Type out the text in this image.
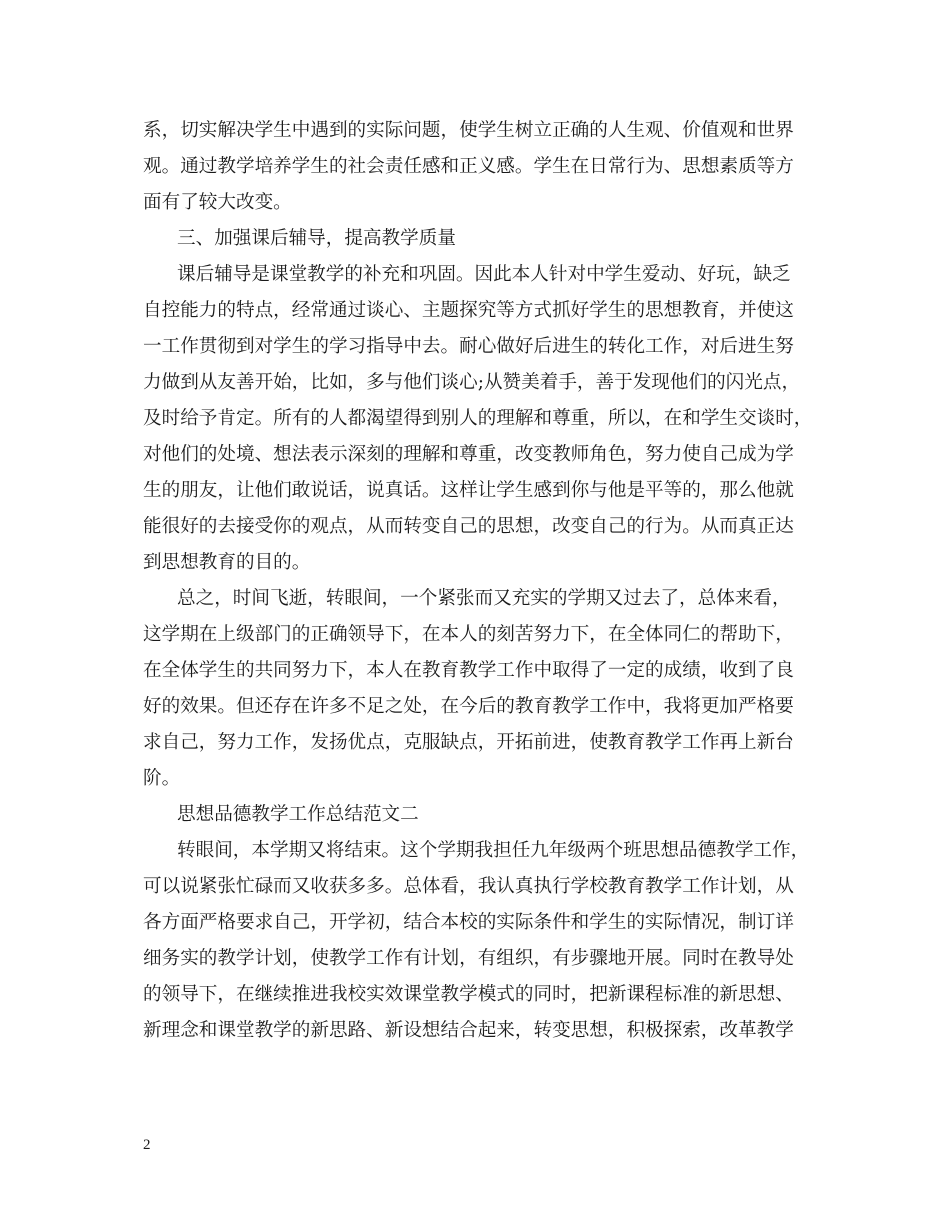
系，切实解决学生中遇到的实际问题，使学生树立正确的人生观、价值观和世界
观。通过教学培养学生的社会责任感和正义感。学生在日常行为、思想素质等方
面有了较大改变。
三、加强课后辅导，提高教学质量
课后辅导是课堂教学的补充和巩固。因此本人针对中学生爱动、好玩，缺乏
自控能力的特点，经常通过谈心、主题探究等方式抓好学生的思想教育，并使这
一工作贯彻到对学生的学习指导中去。耐心做好后进生的转化工作，对后进生努
力做到从友善开始，比如，多与他们谈心;从赞美着手，善于发现他们的闪光点，
及时给予肯定。所有的人都渴望得到别人的理解和尊重，所以，在和学生交谈时，
对他们的处境、想法表示深刻的理解和尊重，改变教师角色，努力使自己成为学
生的朋友，让他们敢说话，说真话。这样让学生感到你与他是平等的，那么他就
能很好的去接受你的观点，从而转变自己的思想，改变自己的行为。从而真正达
到思想教育的目的。
总之，时间飞逝，转眼间，一个紧张而又充实的学期又过去了，总体来看，
这学期在上级部门的正确领导下，在本人的刻苦努力下，在全体同仁的帮助下，
在全体学生的共同努力下，本人在教育教学工作中取得了一定的成绩，收到了良
好的效果。但还存在许多不足之处，在今后的教育教学工作中，我将更加严格要
求自己，努力工作，发扬优点，克服缺点，开拓前进，使教育教学工作再上新台
阶。
思想品德教学工作总结范文二
转眼间，本学期又将结束。这个学期我担任九年级两个班思想品德教学工作，
可以说紧张忙碌而又收获多多。总体看，我认真执行学校教育教学工作计划，从
各方面严格要求自己，开学初，结合本校的实际条件和学生的实际情况，制订详
细务实的教学计划，使教学工作有计划，有组织，有步骤地开展。同时在教导处
的领导下，在继续推进我校实效课堂教学模式的同时，把新课程标准的新思想、
新理念和课堂教学的新思路、新设想结合起来，转变思想，积极探索，改革教学
2
